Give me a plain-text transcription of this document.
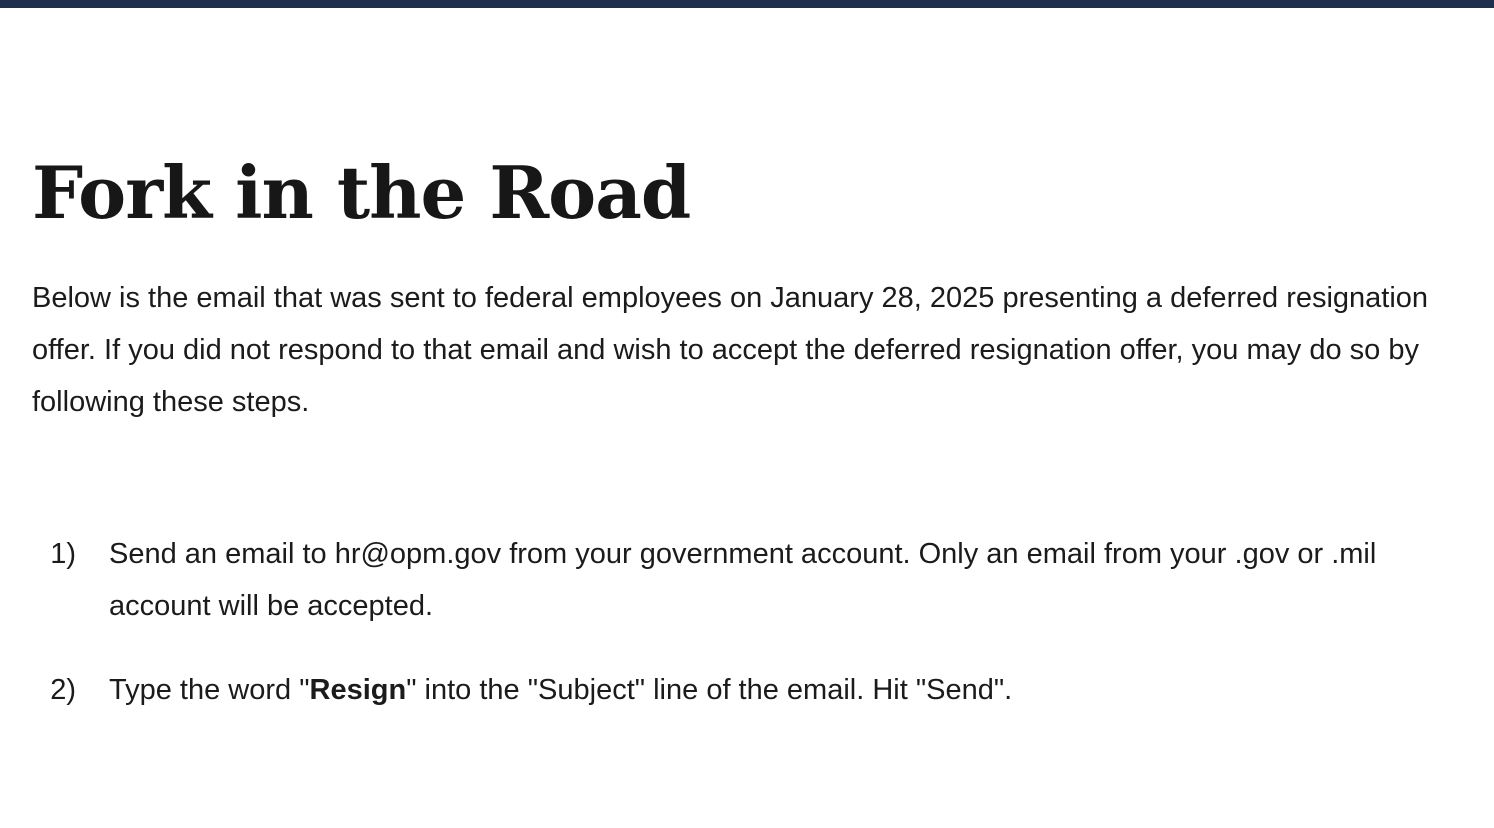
Fork in the Road

Below is the email that was sent to federal employees on January 28, 2025 presenting a deferred resignation offer. If you did not respond to that email and wish to accept the deferred resignation offer, you may do so by following these steps.

1) Send an email to hr@opm.gov from your government account. Only an email from your .gov or .mil account will be accepted.
2) Type the word "Resign" into the "Subject" line of the email. Hit "Send".
